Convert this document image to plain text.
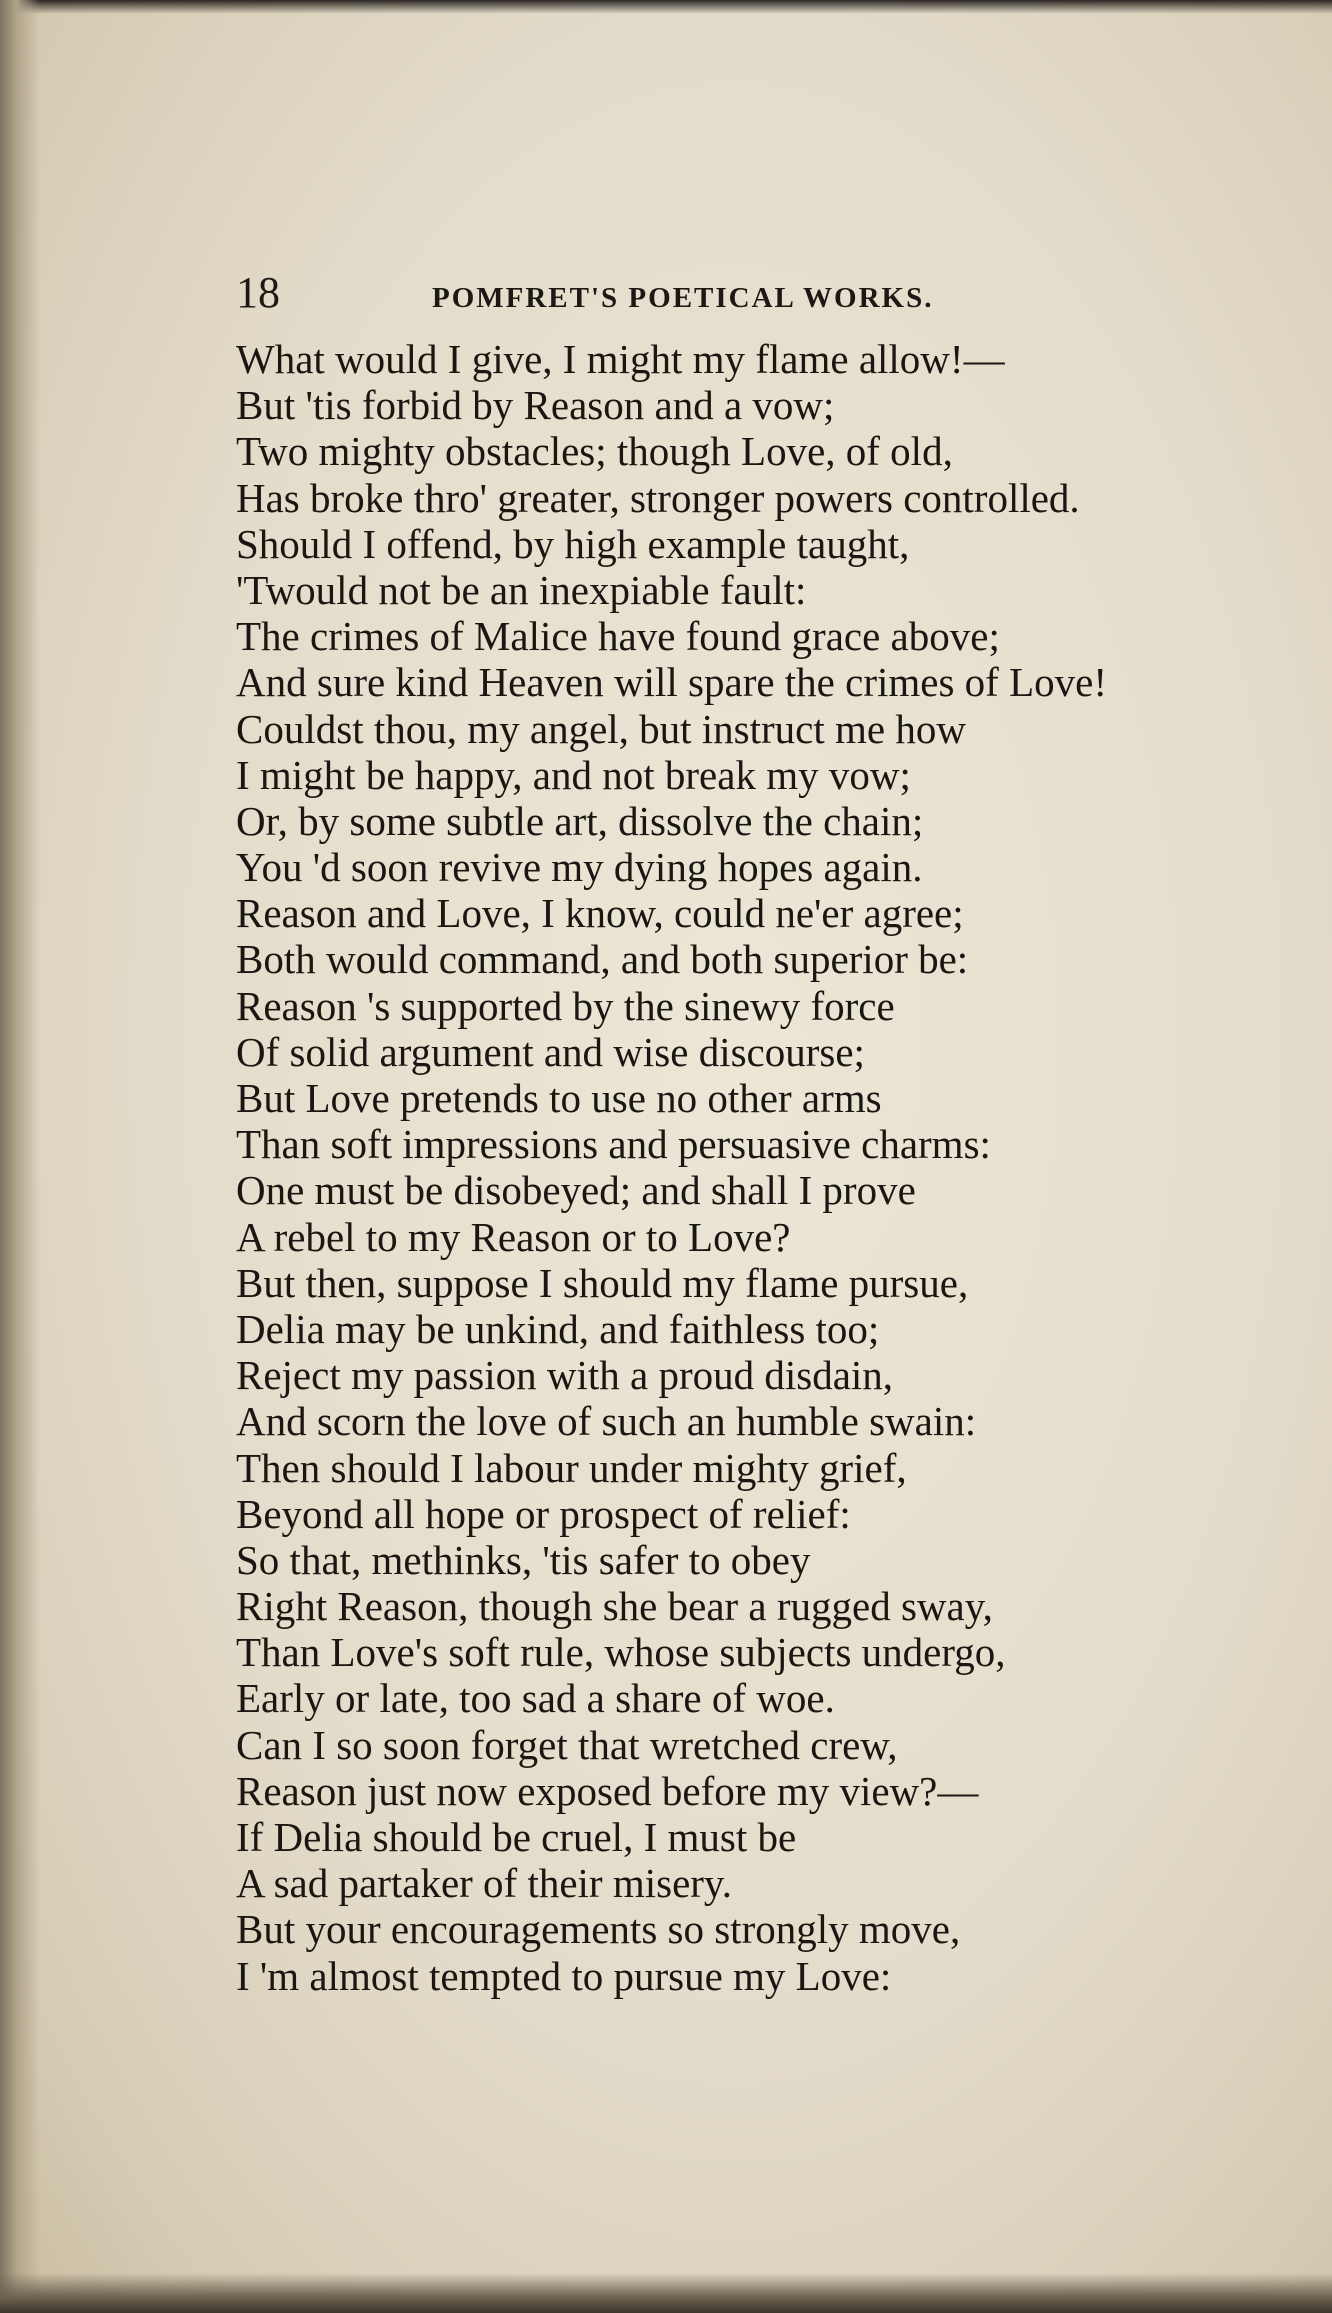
18	POMFRET'S POETICAL WORKS.
What would I give, I might my flame allow!—
But 'tis forbid by Reason and a vow;
Two mighty obstacles; though Love, of old,
Has broke thro' greater, stronger powers controlled.
Should I offend, by high example taught,
'Twould not be an inexpiable fault:
The crimes of Malice have found grace above;
And sure kind Heaven will spare the crimes of Love!
Couldst thou, my angel, but instruct me how
I might be happy, and not break my vow;
Or, by some subtle art, dissolve the chain;
You 'd soon revive my dying hopes again.
Reason and Love, I know, could ne'er agree;
Both would command, and both superior be:
Reason 's supported by the sinewy force
Of solid argument and wise discourse;
But Love pretends to use no other arms
Than soft impressions and persuasive charms:
One must be disobeyed; and shall I prove
A rebel to my Reason or to Love?
But then, suppose I should my flame pursue,
Delia may be unkind, and faithless too;
Reject my passion with a proud disdain,
And scorn the love of such an humble swain:
Then should I labour under mighty grief,
Beyond all hope or prospect of relief:
So that, methinks, 'tis safer to obey
Right Reason, though she bear a rugged sway,
Than Love's soft rule, whose subjects undergo,
Early or late, too sad a share of woe.
Can I so soon forget that wretched crew,
Reason just now exposed before my view?—
If Delia should be cruel, I must be
A sad partaker of their misery.
But your encouragements so strongly move,
I 'm almost tempted to pursue my Love:
